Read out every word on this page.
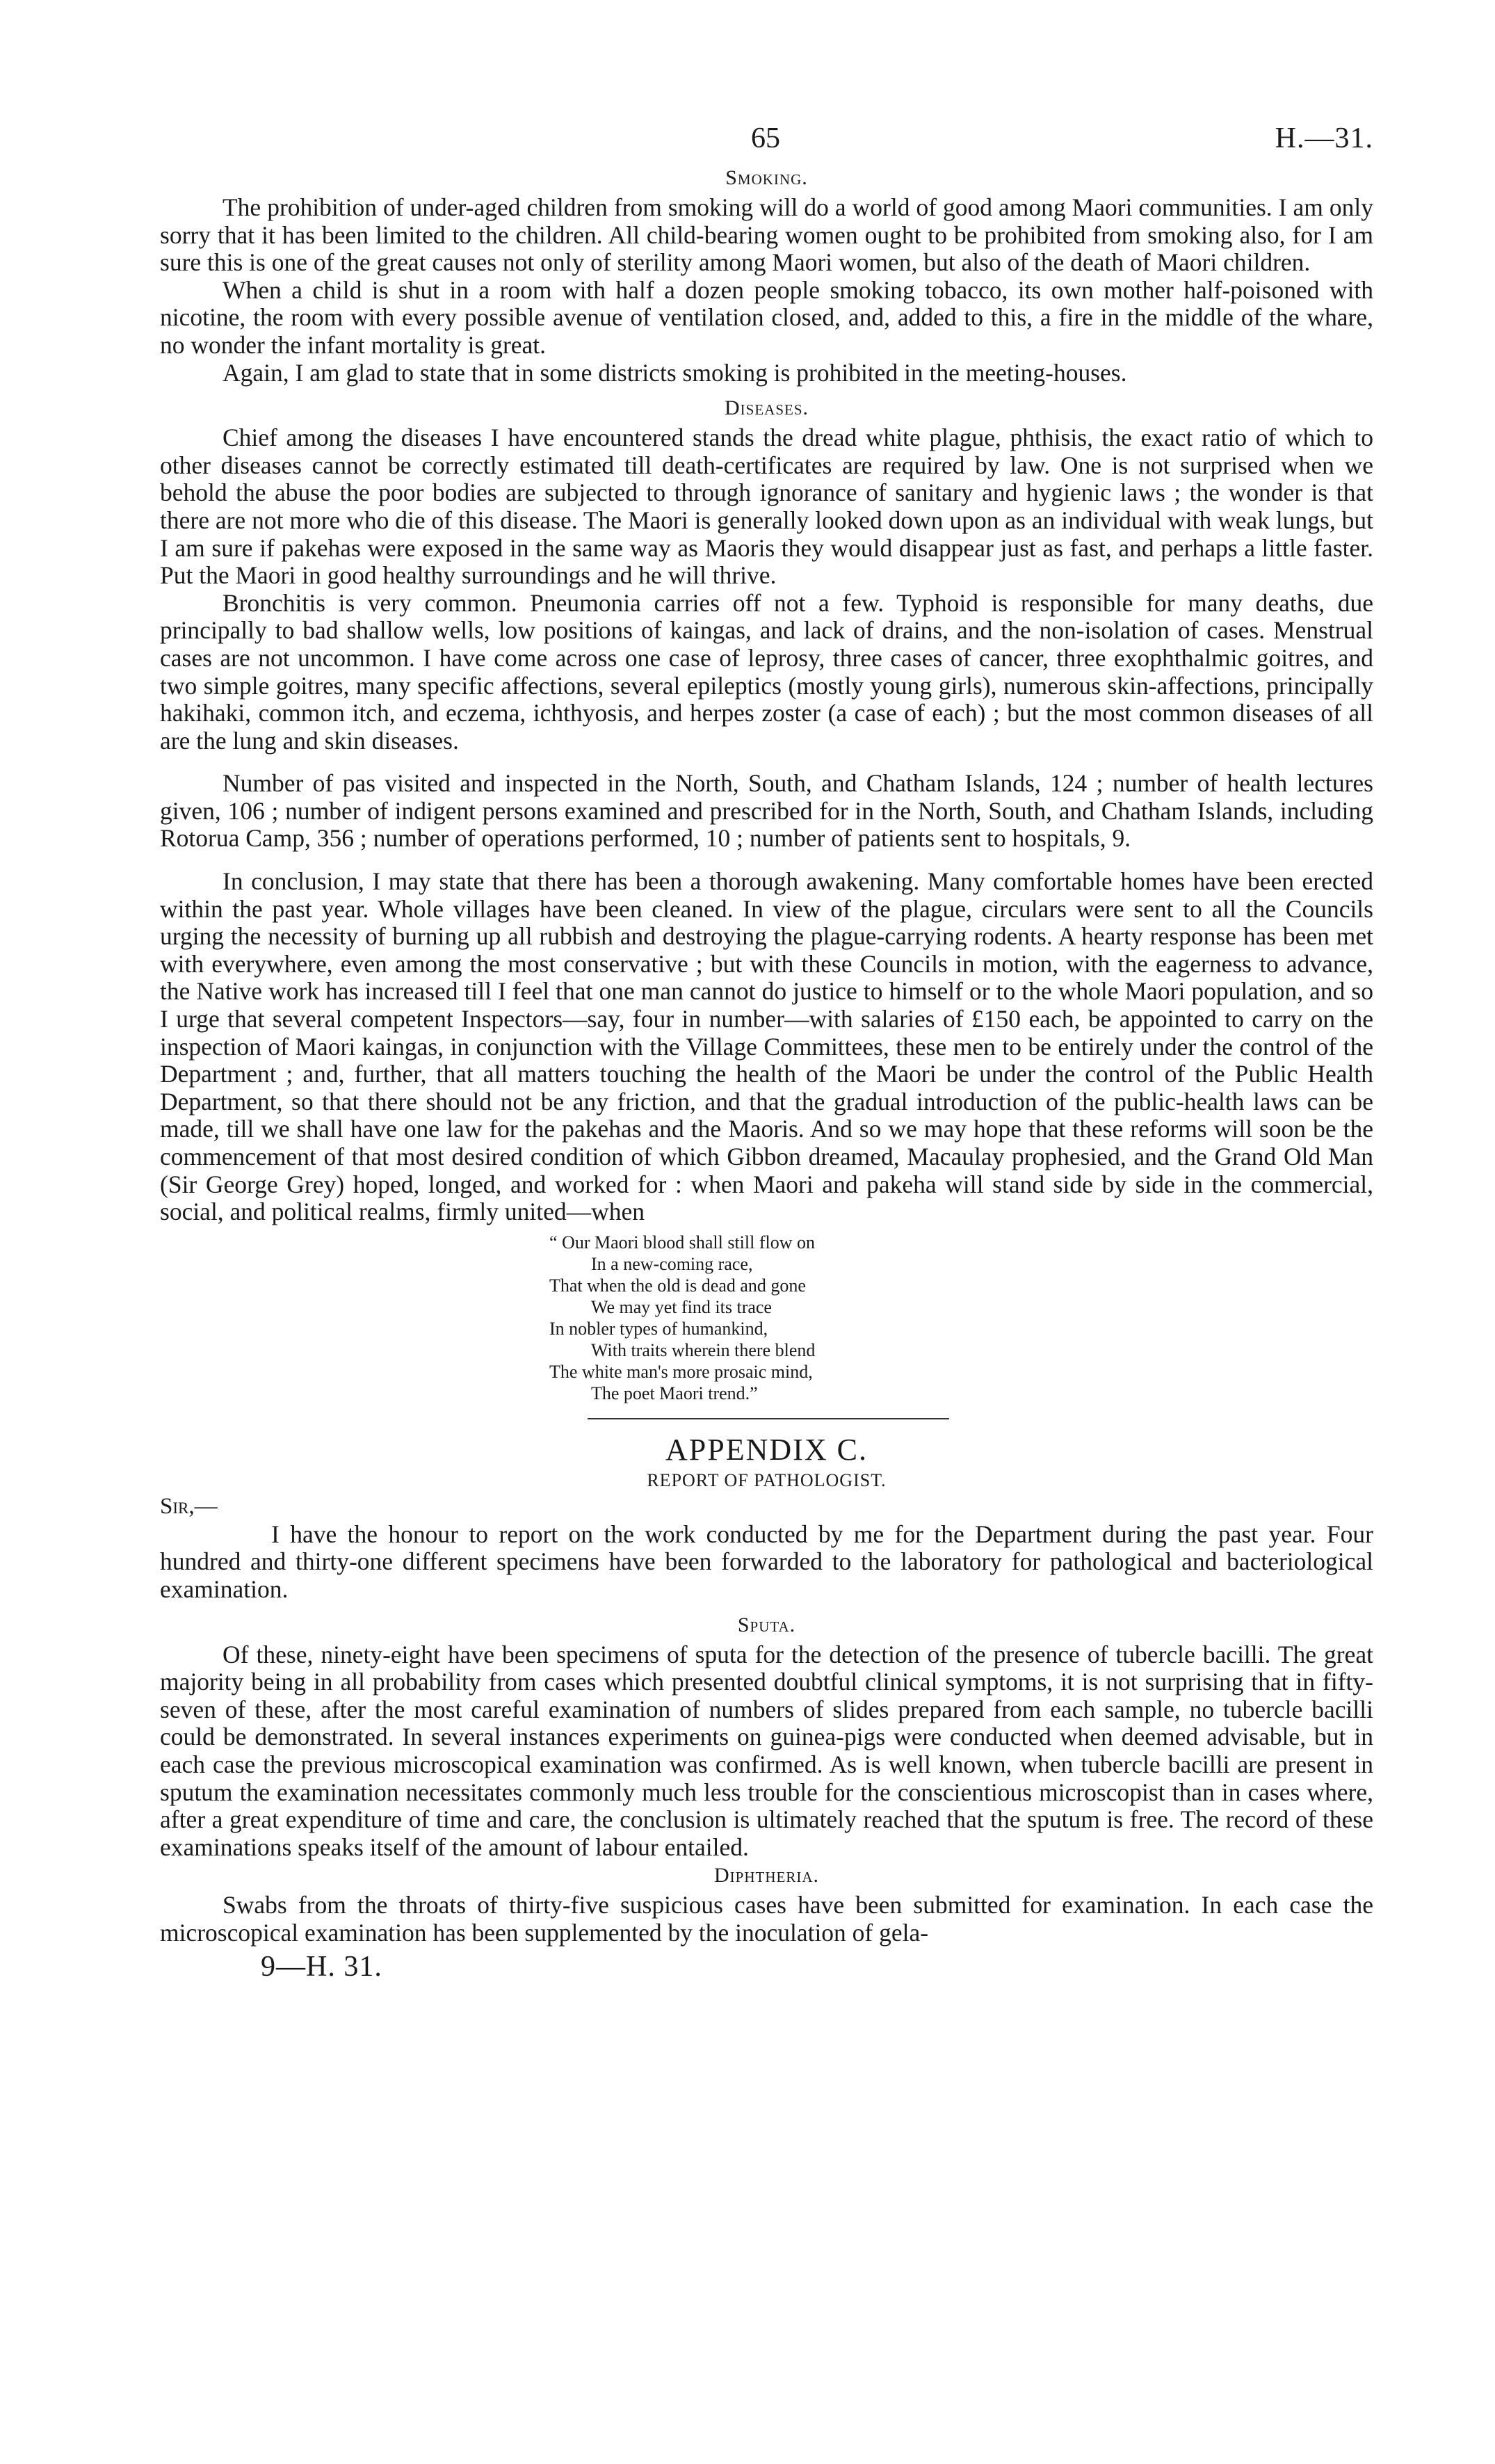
65	H.—31.
Smoking.

The prohibition of under-aged children from smoking will do a world of good among Maori communities. I am only sorry that it has been limited to the children. All child-bearing women ought to be prohibited from smoking also, for I am sure this is one of the great causes not only of sterility among Maori women, but also of the death of Maori children.

When a child is shut in a room with half a dozen people smoking tobacco, its own mother half-poisoned with nicotine, the room with every possible avenue of ventilation closed, and, added to this, a fire in the middle of the whare, no wonder the infant mortality is great.

Again, I am glad to state that in some districts smoking is prohibited in the meeting-houses.

Diseases.

Chief among the diseases I have encountered stands the dread white plague, phthisis, the exact ratio of which to other diseases cannot be correctly estimated till death-certificates are required by law. One is not surprised when we behold the abuse the poor bodies are subjected to through ignorance of sanitary and hygienic laws ; the wonder is that there are not more who die of this disease. The Maori is generally looked down upon as an individual with weak lungs, but I am sure if pakehas were exposed in the same way as Maoris they would disappear just as fast, and perhaps a little faster. Put the Maori in good healthy surroundings and he will thrive.

Bronchitis is very common. Pneumonia carries off not a few. Typhoid is responsible for many deaths, due principally to bad shallow wells, low positions of kaingas, and lack of drains, and the non-isolation of cases. Menstrual cases are not uncommon. I have come across one case of leprosy, three cases of cancer, three exophthalmic goitres, and two simple goitres, many specific affections, several epileptics (mostly young girls), numerous skin-affections, principally hakihaki, common itch, and eczema, ichthyosis, and herpes zoster (a case of each) ; but the most common diseases of all are the lung and skin diseases.

Number of pas visited and inspected in the North, South, and Chatham Islands, 124 ; number of health lectures given, 106 ; number of indigent persons examined and prescribed for in the North, South, and Chatham Islands, including Rotorua Camp, 356 ; number of operations performed, 10 ; number of patients sent to hospitals, 9.

In conclusion, I may state that there has been a thorough awakening. Many comfortable homes have been erected within the past year. Whole villages have been cleaned. In view of the plague, circulars were sent to all the Councils urging the necessity of burning up all rubbish and destroying the plague-carrying rodents. A hearty response has been met with everywhere, even among the most conservative ; but with these Councils in motion, with the eagerness to advance, the Native work has increased till I feel that one man cannot do justice to himself or to the whole Maori population, and so I urge that several competent Inspectors—say, four in number—with salaries of £150 each, be appointed to carry on the inspection of Maori kaingas, in conjunction with the Village Committees, these men to be entirely under the control of the Department ; and, further, that all matters touching the health of the Maori be under the control of the Public Health Department, so that there should not be any friction, and that the gradual introduction of the public-health laws can be made, till we shall have one law for the pakehas and the Maoris. And so we may hope that these reforms will soon be the commencement of that most desired condition of which Gibbon dreamed, Macaulay prophesied, and the Grand Old Man (Sir George Grey) hoped, longed, and worked for : when Maori and pakeha will stand side by side in the commercial, social, and political realms, firmly united—when

“ Our Maori blood shall still flow on
In a new-coming race,
That when the old is dead and gone
We may yet find its trace
In nobler types of humankind,
With traits wherein there blend
The white man's more prosaic mind,
The poet Maori trend.”
APPENDIX C.
REPORT OF PATHOLOGIST.
Sir,—

I have the honour to report on the work conducted by me for the Department during the past year. Four hundred and thirty-one different specimens have been forwarded to the laboratory for pathological and bacteriological examination.

Sputa.

Of these, ninety-eight have been specimens of sputa for the detection of the presence of tubercle bacilli. The great majority being in all probability from cases which presented doubtful clinical symptoms, it is not surprising that in fifty-seven of these, after the most careful examination of numbers of slides prepared from each sample, no tubercle bacilli could be demonstrated. In several instances experiments on guinea-pigs were conducted when deemed advisable, but in each case the previous microscopical examination was confirmed. As is well known, when tubercle bacilli are present in sputum the examination necessitates commonly much less trouble for the conscientious microscopist than in cases where, after a great expenditure of time and care, the conclusion is ultimately reached that the sputum is free. The record of these examinations speaks itself of the amount of labour entailed.

Diphtheria.

Swabs from the throats of thirty-five suspicious cases have been submitted for examination. In each case the microscopical examination has been supplemented by the inoculation of gela-

9—H. 31.
